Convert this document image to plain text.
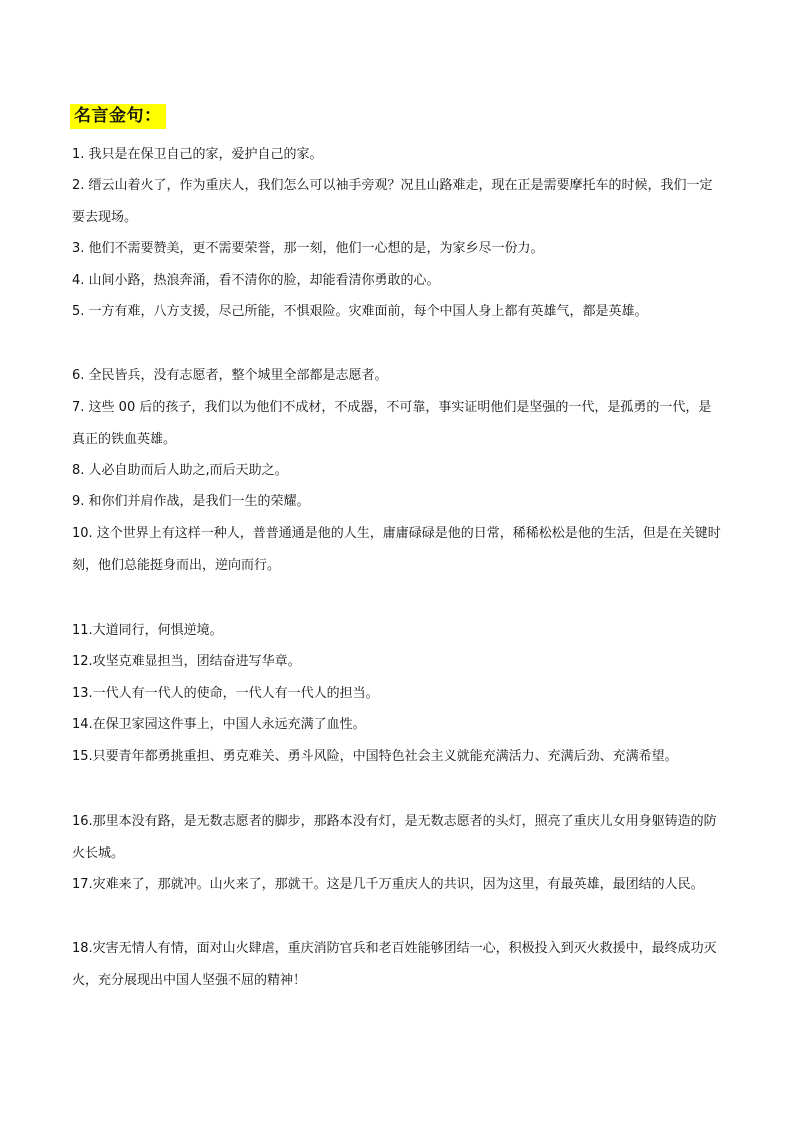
名言金句：
1. 我只是在保卫自己的家，爱护自己的家。
2. 缙云山着火了，作为重庆人，我们怎么可以袖手旁观？况且山路难走，现在正是需要摩托车的时候，我们一定要去现场。
3. 他们不需要赞美，更不需要荣誉，那一刻，他们一心想的是，为家乡尽一份力。
4. 山间小路，热浪奔涌，看不清你的脸，却能看清你勇敢的心。
5. 一方有难，八方支援，尽己所能，不惧艰险。灾难面前，每个中国人身上都有英雄气，都是英雄。
6. 全民皆兵，没有志愿者，整个城里全部都是志愿者。
7. 这些 00 后的孩子，我们以为他们不成材，不成器，不可靠，事实证明他们是坚强的一代，是孤勇的一代，是真正的铁血英雄。
8. 人必自助而后人助之,而后天助之。
9. 和你们并肩作战，是我们一生的荣耀。
10. 这个世界上有这样一种人，普普通通是他的人生，庸庸碌碌是他的日常，稀稀松松是他的生活，但是在关键时刻，他们总能挺身而出，逆向而行。
11.大道同行，何惧逆境。
12.攻坚克难显担当，团结奋进写华章。
13.一代人有一代人的使命，一代人有一代人的担当。
14.在保卫家园这件事上，中国人永远充满了血性。
15.只要青年都勇挑重担、勇克难关、勇斗风险，中国特色社会主义就能充满活力、充满后劲、充满希望。
16.那里本没有路，是无数志愿者的脚步，那路本没有灯，是无数志愿者的头灯，照亮了重庆儿女用身躯铸造的防火长城。
17.灾难来了，那就冲。山火来了，那就干。这是几千万重庆人的共识，因为这里，有最英雄，最团结的人民。
18.灾害无情人有情，面对山火肆虐，重庆消防官兵和老百姓能够团结一心，积极投入到灭火救援中，最终成功灭火，充分展现出中国人坚强不屈的精神！
